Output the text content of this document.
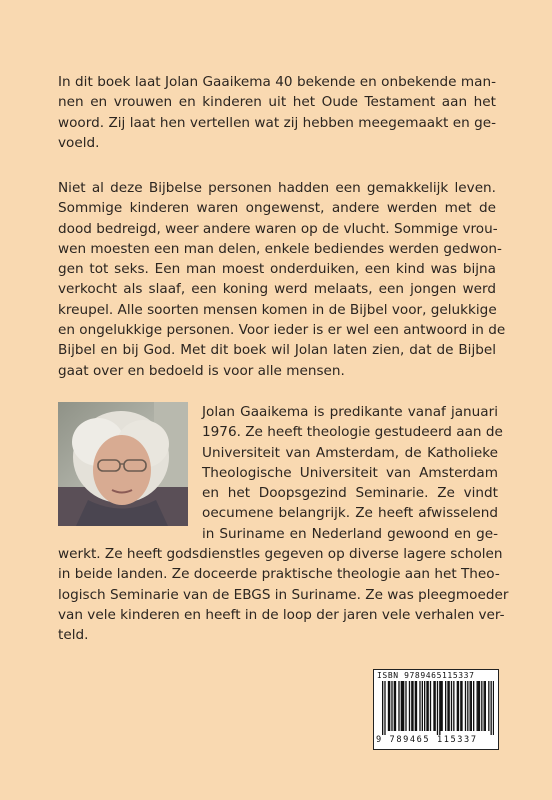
In dit boek laat Jolan Gaaikema 40 bekende en onbekende man-
nen en vrouwen en kinderen uit het Oude Testament aan het
woord. Zij laat hen vertellen wat zij hebben meegemaakt en ge-
voeld.
Niet al deze Bijbelse personen hadden een gemakkelijk leven.
Sommige kinderen waren ongewenst, andere werden met de
dood bedreigd, weer andere waren op de vlucht. Sommige vrou-
wen moesten een man delen, enkele bediendes werden gedwon-
gen tot seks. Een man moest onderduiken, een kind was bijna
verkocht als slaaf, een koning werd melaats, een jongen werd
kreupel. Alle soorten mensen komen in de Bijbel voor, gelukkige
en ongelukkige personen. Voor ieder is er wel een antwoord in de
Bijbel en bij God. Met dit boek wil Jolan laten zien, dat de Bijbel
gaat over en bedoeld is voor alle mensen.
Jolan Gaaikema is predikante vanaf januari
1976. Ze heeft theologie gestudeerd aan de
Universiteit van Amsterdam, de Katholieke
Theologische Universiteit van Amsterdam
en het Doopsgezind Seminarie. Ze vindt
oecumene belangrijk. Ze heeft afwisselend
in Suriname en Nederland gewoond en ge-
werkt. Ze heeft godsdienstles gegeven op diverse lagere scholen
in beide landen. Ze doceerde praktische theologie aan het Theo-
logisch Seminarie van de EBGS in Suriname. Ze was pleegmoeder
van vele kinderen en heeft in de loop der jaren vele verhalen ver-
teld.
ISBN 9789465115337
9 789465 115337
